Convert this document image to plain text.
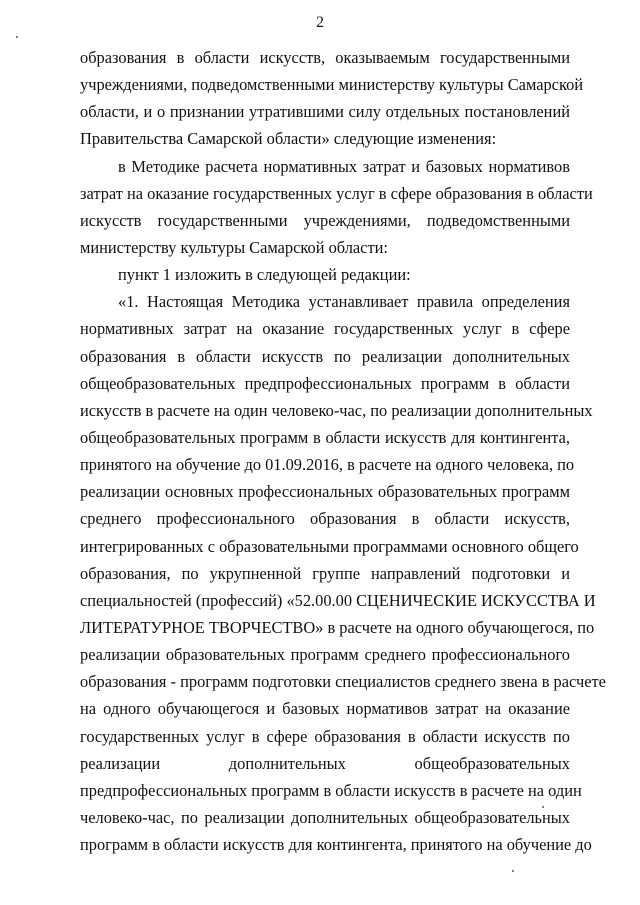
2
образования в области искусств, оказываемым государственными
учреждениями, подведомственными министерству культуры Самарской
области, и о признании утратившими силу отдельных постановлений
Правительства Самарской области» следующие изменения:
в Методике расчета нормативных затрат и базовых нормативов
затрат на оказание государственных услуг в сфере образования в области
искусств государственными учреждениями, подведомственными
министерству культуры Самарской области:
пункт 1 изложить в следующей редакции:
«1. Настоящая Методика устанавливает правила определения
нормативных затрат на оказание государственных услуг в сфере
образования в области искусств по реализации дополнительных
общеобразовательных предпрофессиональных программ в области
искусств в расчете на один человеко-час, по реализации дополнительных
общеобразовательных программ в области искусств для контингента,
принятого на обучение до 01.09.2016, в расчете на одного человека, по
реализации основных профессиональных образовательных программ
среднего профессионального образования в области искусств,
интегрированных с образовательными программами основного общего
образования, по укрупненной группе направлений подготовки и
специальностей (профессий) «52.00.00 СЦЕНИЧЕСКИЕ ИСКУССТВА И
ЛИТЕРАТУРНОЕ ТВОРЧЕСТВО» в расчете на одного обучающегося, по
реализации образовательных программ среднего профессионального
образования - программ подготовки специалистов среднего звена в расчете
на одного обучающегося и базовых нормативов затрат на оказание
государственных услуг в сфере образования в области искусств по
реализации дополнительных общеобразовательных
предпрофессиональных программ в области искусств в расчете на один
человеко-час, по реализации дополнительных общеобразовательных
программ в области искусств для контингента, принятого на обучение до
